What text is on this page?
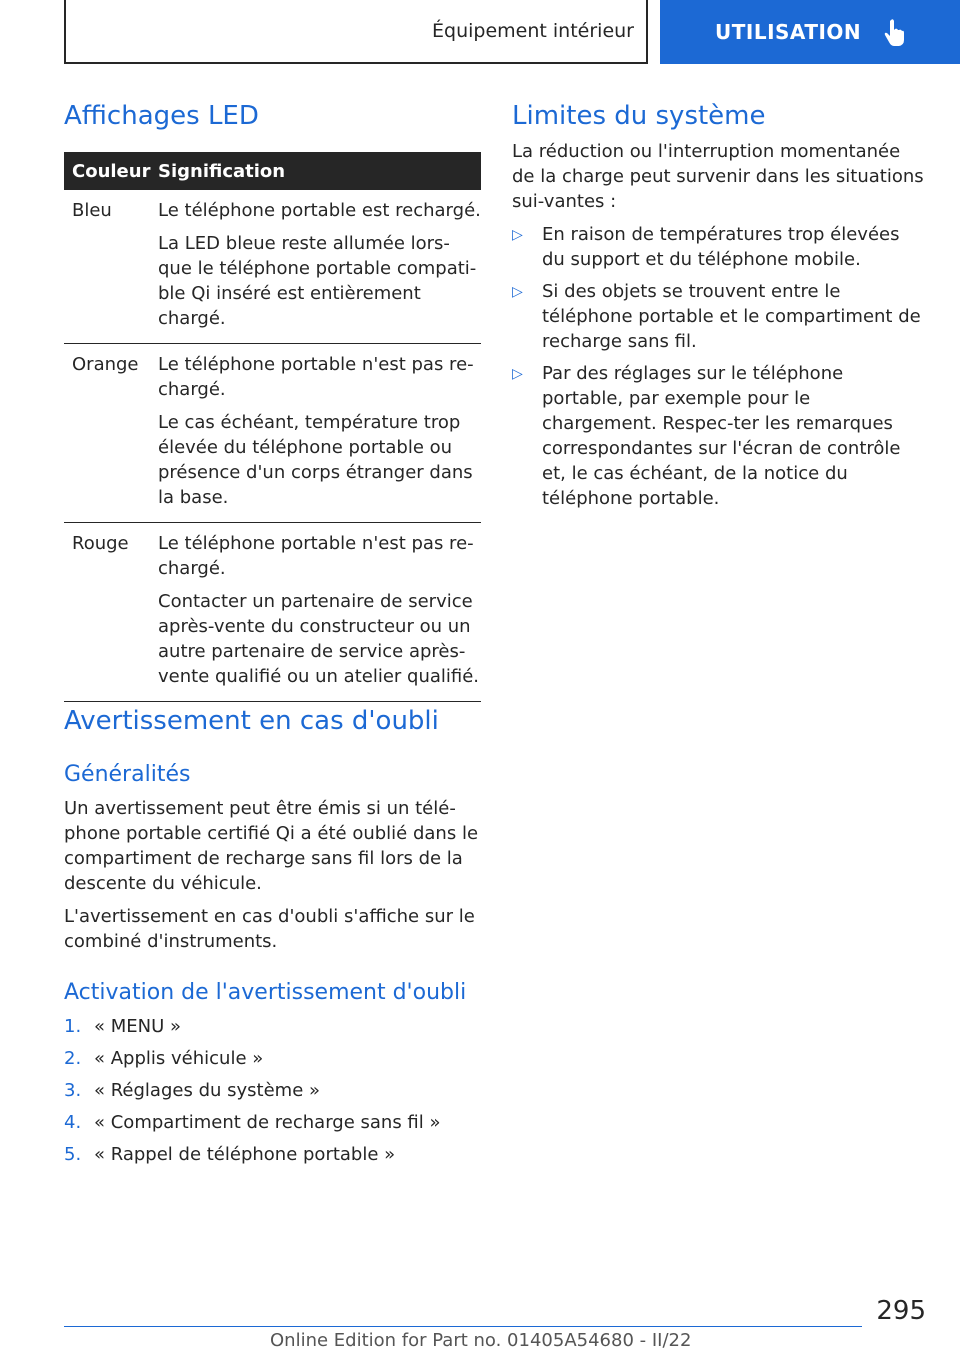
Équipement intérieur	UTILISATION
Affichages LED
Couleur	Signification
Bleu	Le téléphone portable est rechargé.

La LED bleue reste allumée lors-que le téléphone portable compati-ble Qi inséré est entièrement chargé.

Orange	Le téléphone portable n'est pas re-chargé.

Le cas échéant, température trop élevée du téléphone portable ou présence d'un corps étranger dans la base.

Rouge	Le téléphone portable n'est pas re-chargé.

Contacter un partenaire de service après-vente du constructeur ou un autre partenaire de service après-vente qualifié ou un atelier qualifié.

Avertissement en cas d'oubli
Généralités

Un avertissement peut être émis si un télé-phone portable certifié Qi a été oublié dans le compartiment de recharge sans fil lors de la descente du véhicule.

L'avertissement en cas d'oubli s'affiche sur le combiné d'instruments.

Activation de l'avertissement d'oubli
1. « MENU »
2. « Applis véhicule »
3. « Réglages du système »
4. « Compartiment de recharge sans fil »
5. « Rappel de téléphone portable »
Limites du système

La réduction ou l'interruption momentanée de la charge peut survenir dans les situations sui-vantes :

▷ En raison de températures trop élevées du support et du téléphone mobile.
▷ Si des objets se trouvent entre le téléphone portable et le compartiment de recharge sans fil.
▷ Par des réglages sur le téléphone portable, par exemple pour le chargement. Respec-ter les remarques correspondantes sur l'écran de contrôle et, le cas échéant, de la notice du téléphone portable.
295
Online Edition for Part no. 01405A54680 - II/22
